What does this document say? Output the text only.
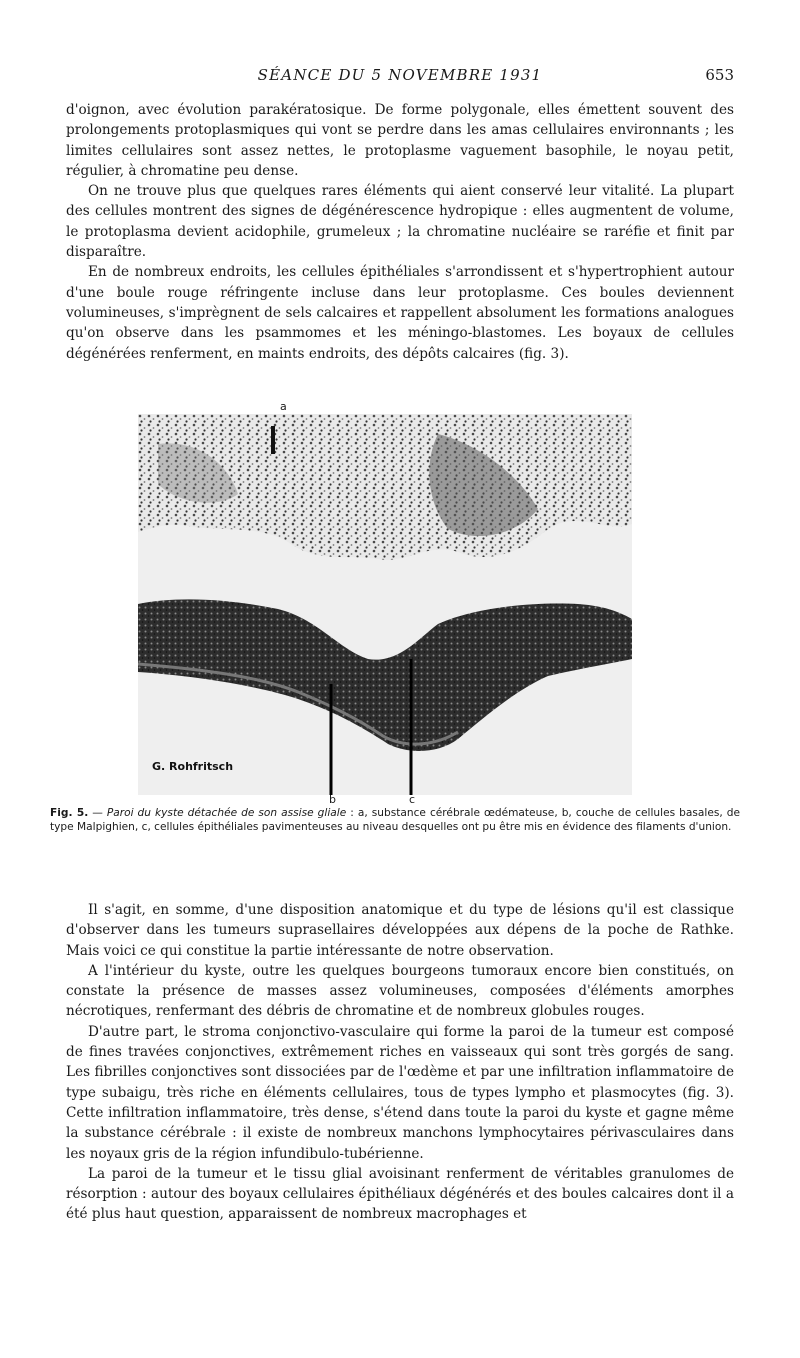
SÉANCE DU 5 NOVEMBRE 1931	653

d'oignon, avec évolution parakératosique. De forme polygonale, elles émettent souvent des prolongements protoplasmiques qui vont se perdre dans les amas cellulaires environnants ; les limites cellulaires sont assez nettes, le protoplasme vaguement basophile, le noyau petit, régulier, à chromatine peu dense.

On ne trouve plus que quelques rares éléments qui aient conservé leur vitalité. La plupart des cellules montrent des signes de dégénérescence hydropique : elles augmentent de volume, le protoplasma devient acidophile, grumeleux ; la chromatine nucléaire se raréfie et finit par disparaître.

En de nombreux endroits, les cellules épithéliales s'arrondissent et s'hypertrophient autour d'une boule rouge réfringente incluse dans leur protoplasme. Ces boules deviennent volumineuses, s'imprègnent de sels calcaires et rappellent absolument les formations analogues qu'on observe dans les psammomes et les méningo-blastomes. Les boyaux de cellules dégénérées renferment, en maints endroits, des dépôts calcaires (fig. 3).

a
G. Rohfritsch
b	c
Fig. 5. — Paroi du kyste détachée de son assise gliale : a, substance cérébrale œdémateuse, b, couche de cellules basales, de type Malpighien, c, cellules épithéliales pavimenteuses au niveau desquelles ont pu être mis en évidence des filaments d'union.

Il s'agit, en somme, d'une disposition anatomique et du type de lésions qu'il est classique d'observer dans les tumeurs suprasellaires développées aux dépens de la poche de Rathke. Mais voici ce qui constitue la partie intéressante de notre observation.

A l'intérieur du kyste, outre les quelques bourgeons tumoraux encore bien constitués, on constate la présence de masses assez volumineuses, composées d'éléments amorphes nécrotiques, renfermant des débris de chromatine et de nombreux globules rouges.

D'autre part, le stroma conjonctivo-vasculaire qui forme la paroi de la tumeur est composé de fines travées conjonctives, extrêmement riches en vaisseaux qui sont très gorgés de sang. Les fibrilles conjonctives sont dissociées par de l'œdème et par une infiltration inflammatoire de type subaigu, très riche en éléments cellulaires, tous de types lympho et plasmocytes (fig. 3). Cette infiltration inflammatoire, très dense, s'étend dans toute la paroi du kyste et gagne même la substance cérébrale : il existe de nombreux manchons lymphocytaires périvasculaires dans les noyaux gris de la région infundibulo-tubérienne.

La paroi de la tumeur et le tissu glial avoisinant renferment de véritables granulomes de résorption : autour des boyaux cellulaires épithéliaux dégénérés et des boules calcaires dont il a été plus haut question, apparaissent de nombreux macrophages et
